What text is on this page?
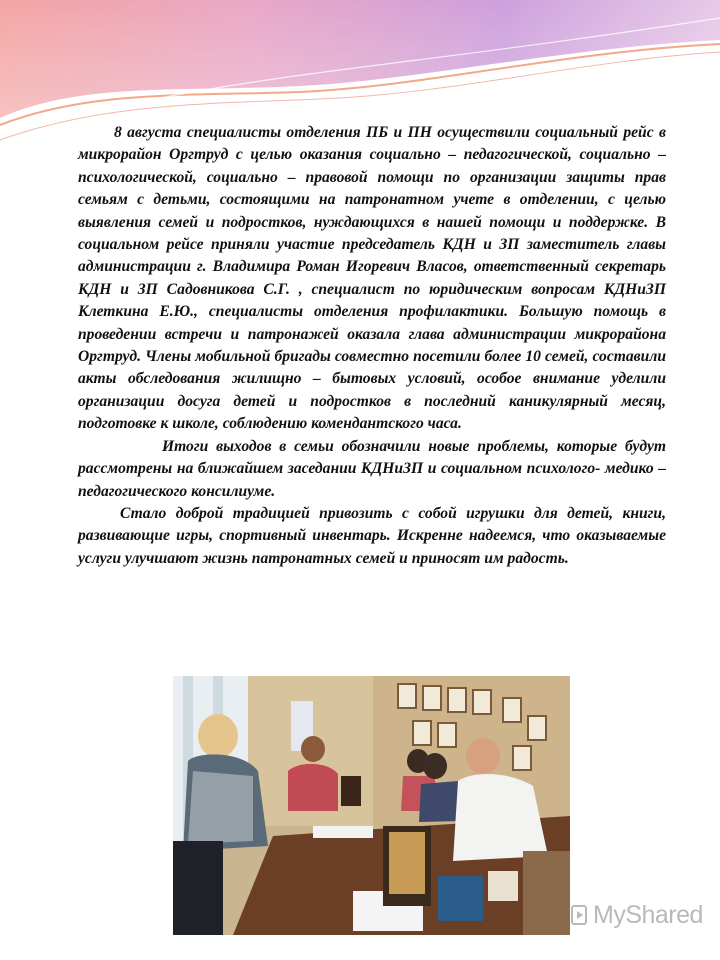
8 августа специалисты отделения ПБ и ПН осуществили социальный рейс в микрорайон Оргтруд с целью оказания социально – педагогической, социально – психологической, социально – правовой помощи по организации защиты прав семьям с детьми, состоящими на патронатном учете в отделении, с целью выявления семей и подростков, нуждающихся в нашей помощи и поддержке. В социальном рейсе приняли участие председатель КДН и ЗП заместитель главы администрации г. Владимира Роман Игоревич Власов, ответственный секретарь КДН и ЗП Садовникова С.Г. , специалист по юридическим вопросам КДНиЗП Клеткина Е.Ю., специалисты отделения профилактики. Большую помощь в проведении встречи и патронажей оказала глава администрации микрорайона Оргтруд. Члены мобильной бригады совместно посетили более 10 семей, составили акты обследования жилищно – бытовых условий, особое внимание уделили организации досуга детей и подростков в последний каникулярный месяц, подготовке к школе, соблюдению комендантского часа.

Итоги выходов в семьи обозначили новые проблемы, которые будут рассмотрены на ближайшем заседании КДНиЗП и социальном психолого- медико – педагогического консилиуме.

Стало доброй традицией привозить с собой игрушки для детей, книги, развивающие игры, спортивный инвентарь. Искренне надеемся, что оказываемые услуги улучшают жизнь патронатных семей и приносят им радость.

MyShared
